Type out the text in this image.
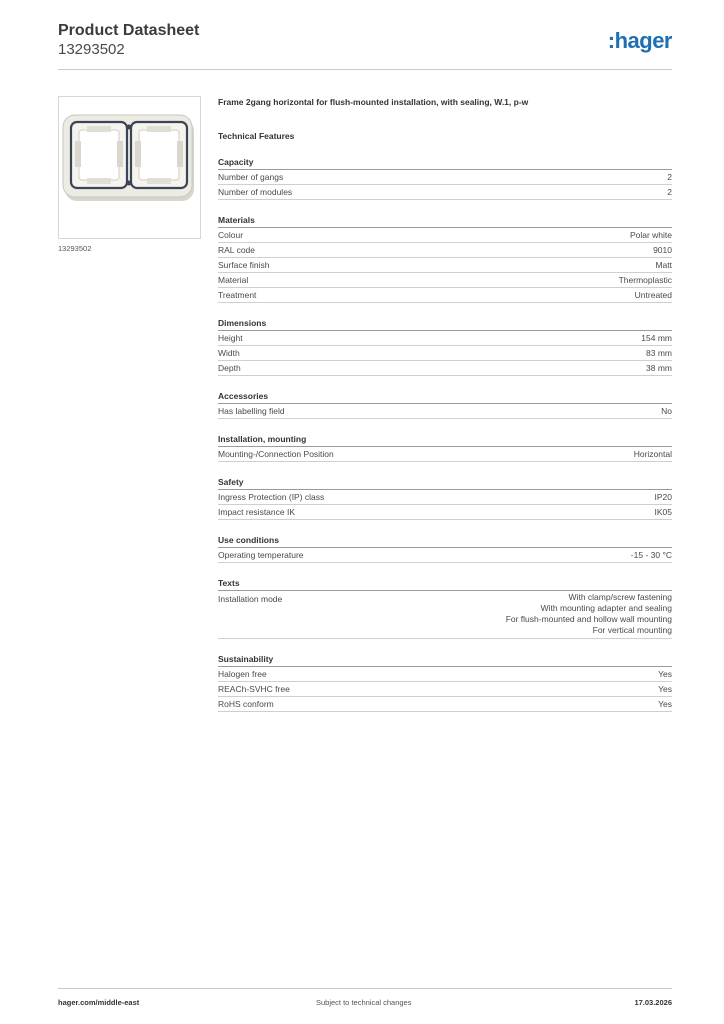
Product Datasheet
13293502	:hager
13293502
Frame 2gang horizontal for flush-mounted installation, with sealing, W.1, p-w
Technical Features
Capacity
Number of gangs	2
Number of modules	2
Materials
Colour	Polar white
RAL code	9010
Surface finish	Matt
Material	Thermoplastic
Treatment	Untreated
Dimensions
Height	154 mm
Width	83 mm
Depth	38 mm
Accessories
Has labelling field	No
Installation, mounting
Mounting-/Connection Position	Horizontal
Safety
Ingress Protection (IP) class	IP20
Impact resistance IK	IK05
Use conditions
Operating temperature	-15 - 30 °C
Texts
Installation mode	With clamp/screw fastening
With mounting adapter and sealing
For flush-mounted and hollow wall mounting
For vertical mounting
Sustainability
Halogen free	Yes
REACh-SVHC free	Yes
RoHS conform	Yes
hager.com/middle-east	Subject to technical changes	17.03.2026
